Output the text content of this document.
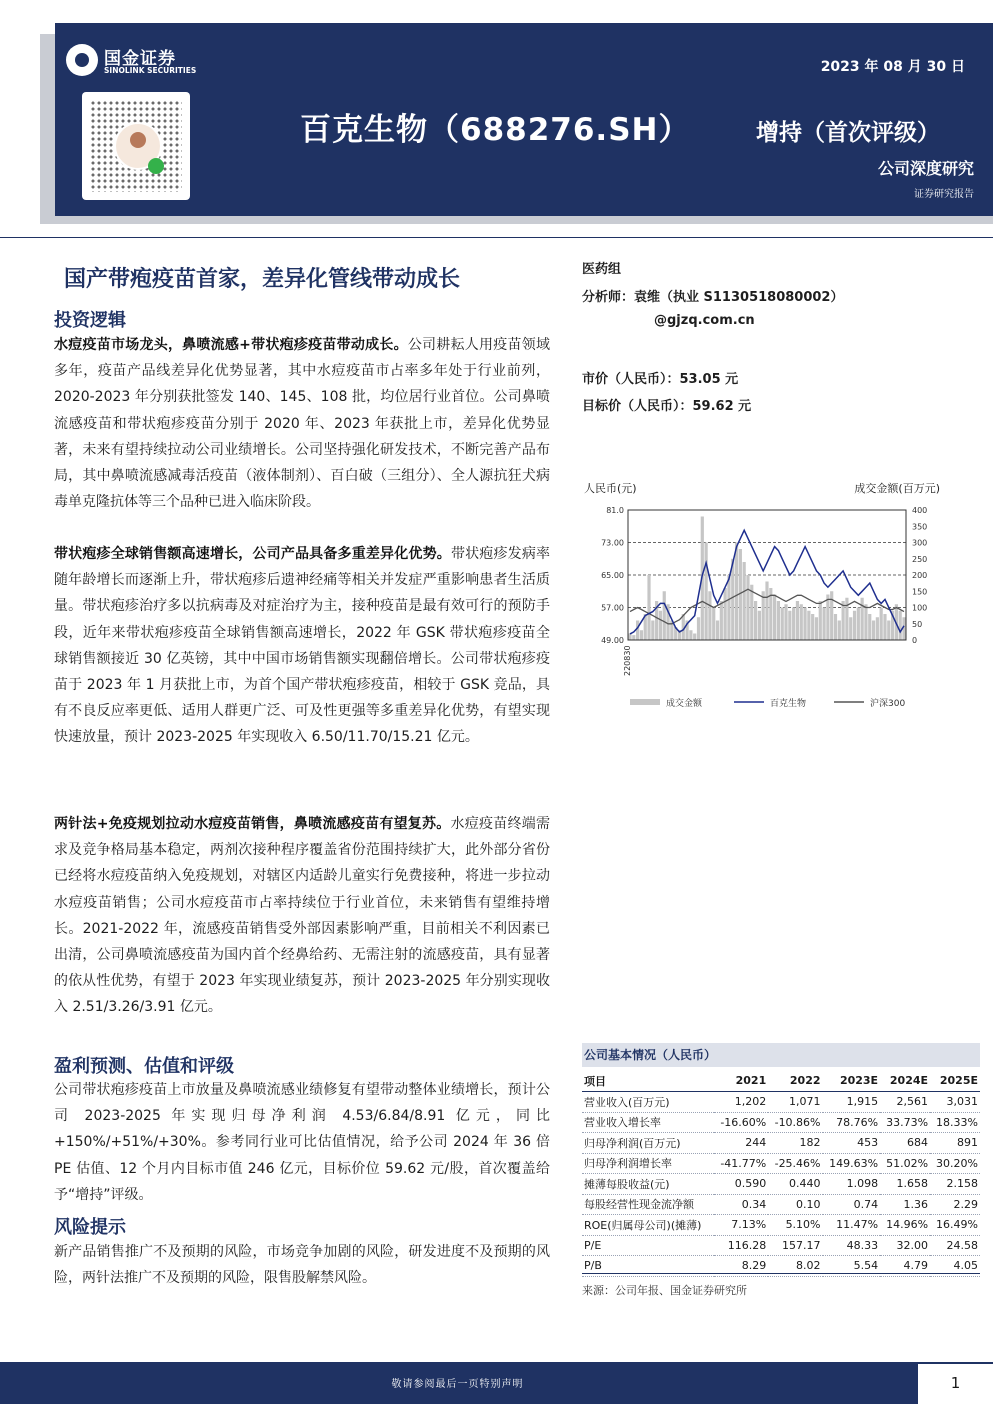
国金证券
SINOLINK SECURITIES	2023 年 08 月 30 日
百克生物（688276.SH）	增持（首次评级）
公司深度研究
证券研究报告
国产带疱疫苗首家，差异化管线带动成长
投资逻辑
水痘疫苗市场龙头，鼻喷流感+带状疱疹疫苗带动成长。公司耕耘人用疫苗领域多年，疫苗产品线差异化优势显著，其中水痘疫苗市占率多年处于行业前列，2020-2023 年分别获批签发 140、145、108 批，均位居行业首位。公司鼻喷流感疫苗和带状疱疹疫苗分别于 2020 年、2023 年获批上市，差异化优势显著，未来有望持续拉动公司业绩增长。公司坚持强化研发技术，不断完善产品布局，其中鼻喷流感减毒活疫苗（液体制剂）、百白破（三组分）、全人源抗狂犬病毒单克隆抗体等三个品种已进入临床阶段。
带状疱疹全球销售额高速增长，公司产品具备多重差异化优势。带状疱疹发病率随年龄增长而逐渐上升，带状疱疹后遗神经痛等相关并发症严重影响患者生活质量。带状疱疹治疗多以抗病毒及对症治疗为主，接种疫苗是最有效可行的预防手段，近年来带状疱疹疫苗全球销售额高速增长，2022 年 GSK 带状疱疹疫苗全球销售额接近 30 亿英镑，其中中国市场销售额实现翻倍增长。公司带状疱疹疫苗于 2023 年 1 月获批上市，为首个国产带状疱疹疫苗，相较于 GSK 竞品，具有不良反应率更低、适用人群更广泛、可及性更强等多重差异化优势，有望实现快速放量，预计 2023-2025 年实现收入 6.50/11.70/15.21 亿元。
两针法+免疫规划拉动水痘疫苗销售，鼻喷流感疫苗有望复苏。水痘疫苗终端需求及竞争格局基本稳定，两剂次接种程序覆盖省份范围持续扩大，此外部分省份已经将水痘疫苗纳入免疫规划，对辖区内适龄儿童实行免费接种，将进一步拉动水痘疫苗销售；公司水痘疫苗市占率持续位于行业首位，未来销售有望维持增长。2021-2022 年，流感疫苗销售受外部因素影响严重，目前相关不利因素已出清，公司鼻喷流感疫苗为国内首个经鼻给药、无需注射的流感疫苗，具有显著的依从性优势，有望于 2023 年实现业绩复苏，预计 2023-2025 年分别实现收入 2.51/3.26/3.91 亿元。
盈利预测、估值和评级
公司带状疱疹疫苗上市放量及鼻喷流感业绩修复有望带动整体业绩增长，预计公司 2023-2025 年实现归母净利润 4.53/6.84/8.91 亿元，同比+150%/+51%/+30%。参考同行业可比估值情况，给予公司 2024 年 36 倍 PE 估值、12 个月内目标市值 246 亿元，目标价位 59.62 元/股，首次覆盖给予“增持”评级。
风险提示
新产品销售推广不及预期的风险，市场竞争加剧的风险，研发进度不及预期的风险，两针法推广不及预期的风险，限售股解禁风险。
医药组
分析师：袁维（执业 S1130518080002）
@gjzq.com.cn
市价（人民币）：53.05 元
目标价（人民币）：59.62 元
人民币(元)	成交金额(百万元)
81.0
73.00
65.00
57.00
49.00
400
350
300
250
200
150
100
50
0
220830
成交金额	百克生物	沪深300
公司基本情况（人民币）
项目	2021	2022	2023E	2024E	2025E
营业收入(百万元)	1,202	1,071	1,915	2,561	3,031
营业收入增长率	-16.60%	-10.86%	78.76%	33.73%	18.33%
归母净利润(百万元)	244	182	453	684	891
归母净利润增长率	-41.77%	-25.46%	149.63%	51.02%	30.20%
摊薄每股收益(元)	0.590	0.440	1.098	1.658	2.158
每股经营性现金流净额	0.34	0.10	0.74	1.36	2.29
ROE(归属母公司)(摊薄)	7.13%	5.10%	11.47%	14.96%	16.49%
P/E	116.28	157.17	48.33	32.00	24.58
P/B	8.29	8.02	5.54	4.79	4.05
来源：公司年报、国金证券研究所
敬请参阅最后一页特别声明	1
